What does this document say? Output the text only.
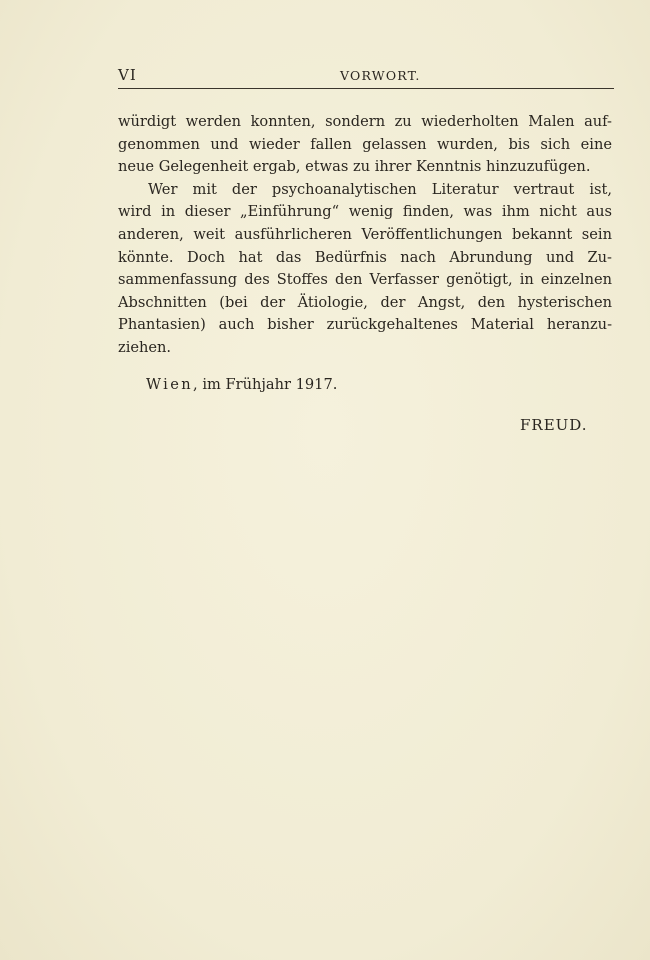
VI	VORWORT.
würdigt werden konnten, sondern zu wiederholten Malen auf-
genommen und wieder fallen gelassen wurden, bis sich eine
neue Gelegenheit ergab, etwas zu ihrer Kenntnis hinzuzufügen.
Wer mit der psychoanalytischen Literatur vertraut ist,
wird in dieser „Einführung“ wenig finden, was ihm nicht aus
anderen, weit ausführlicheren Veröffentlichungen bekannt sein
könnte. Doch hat das Bedürfnis nach Abrundung und Zu-
sammenfassung des Stoffes den Verfasser genötigt, in einzelnen
Abschnitten (bei der Ätiologie, der Angst, den hysterischen
Phantasien) auch bisher zurückgehaltenes Material heranzu-
ziehen.
Wien, im Frühjahr 1917.
FREUD.
